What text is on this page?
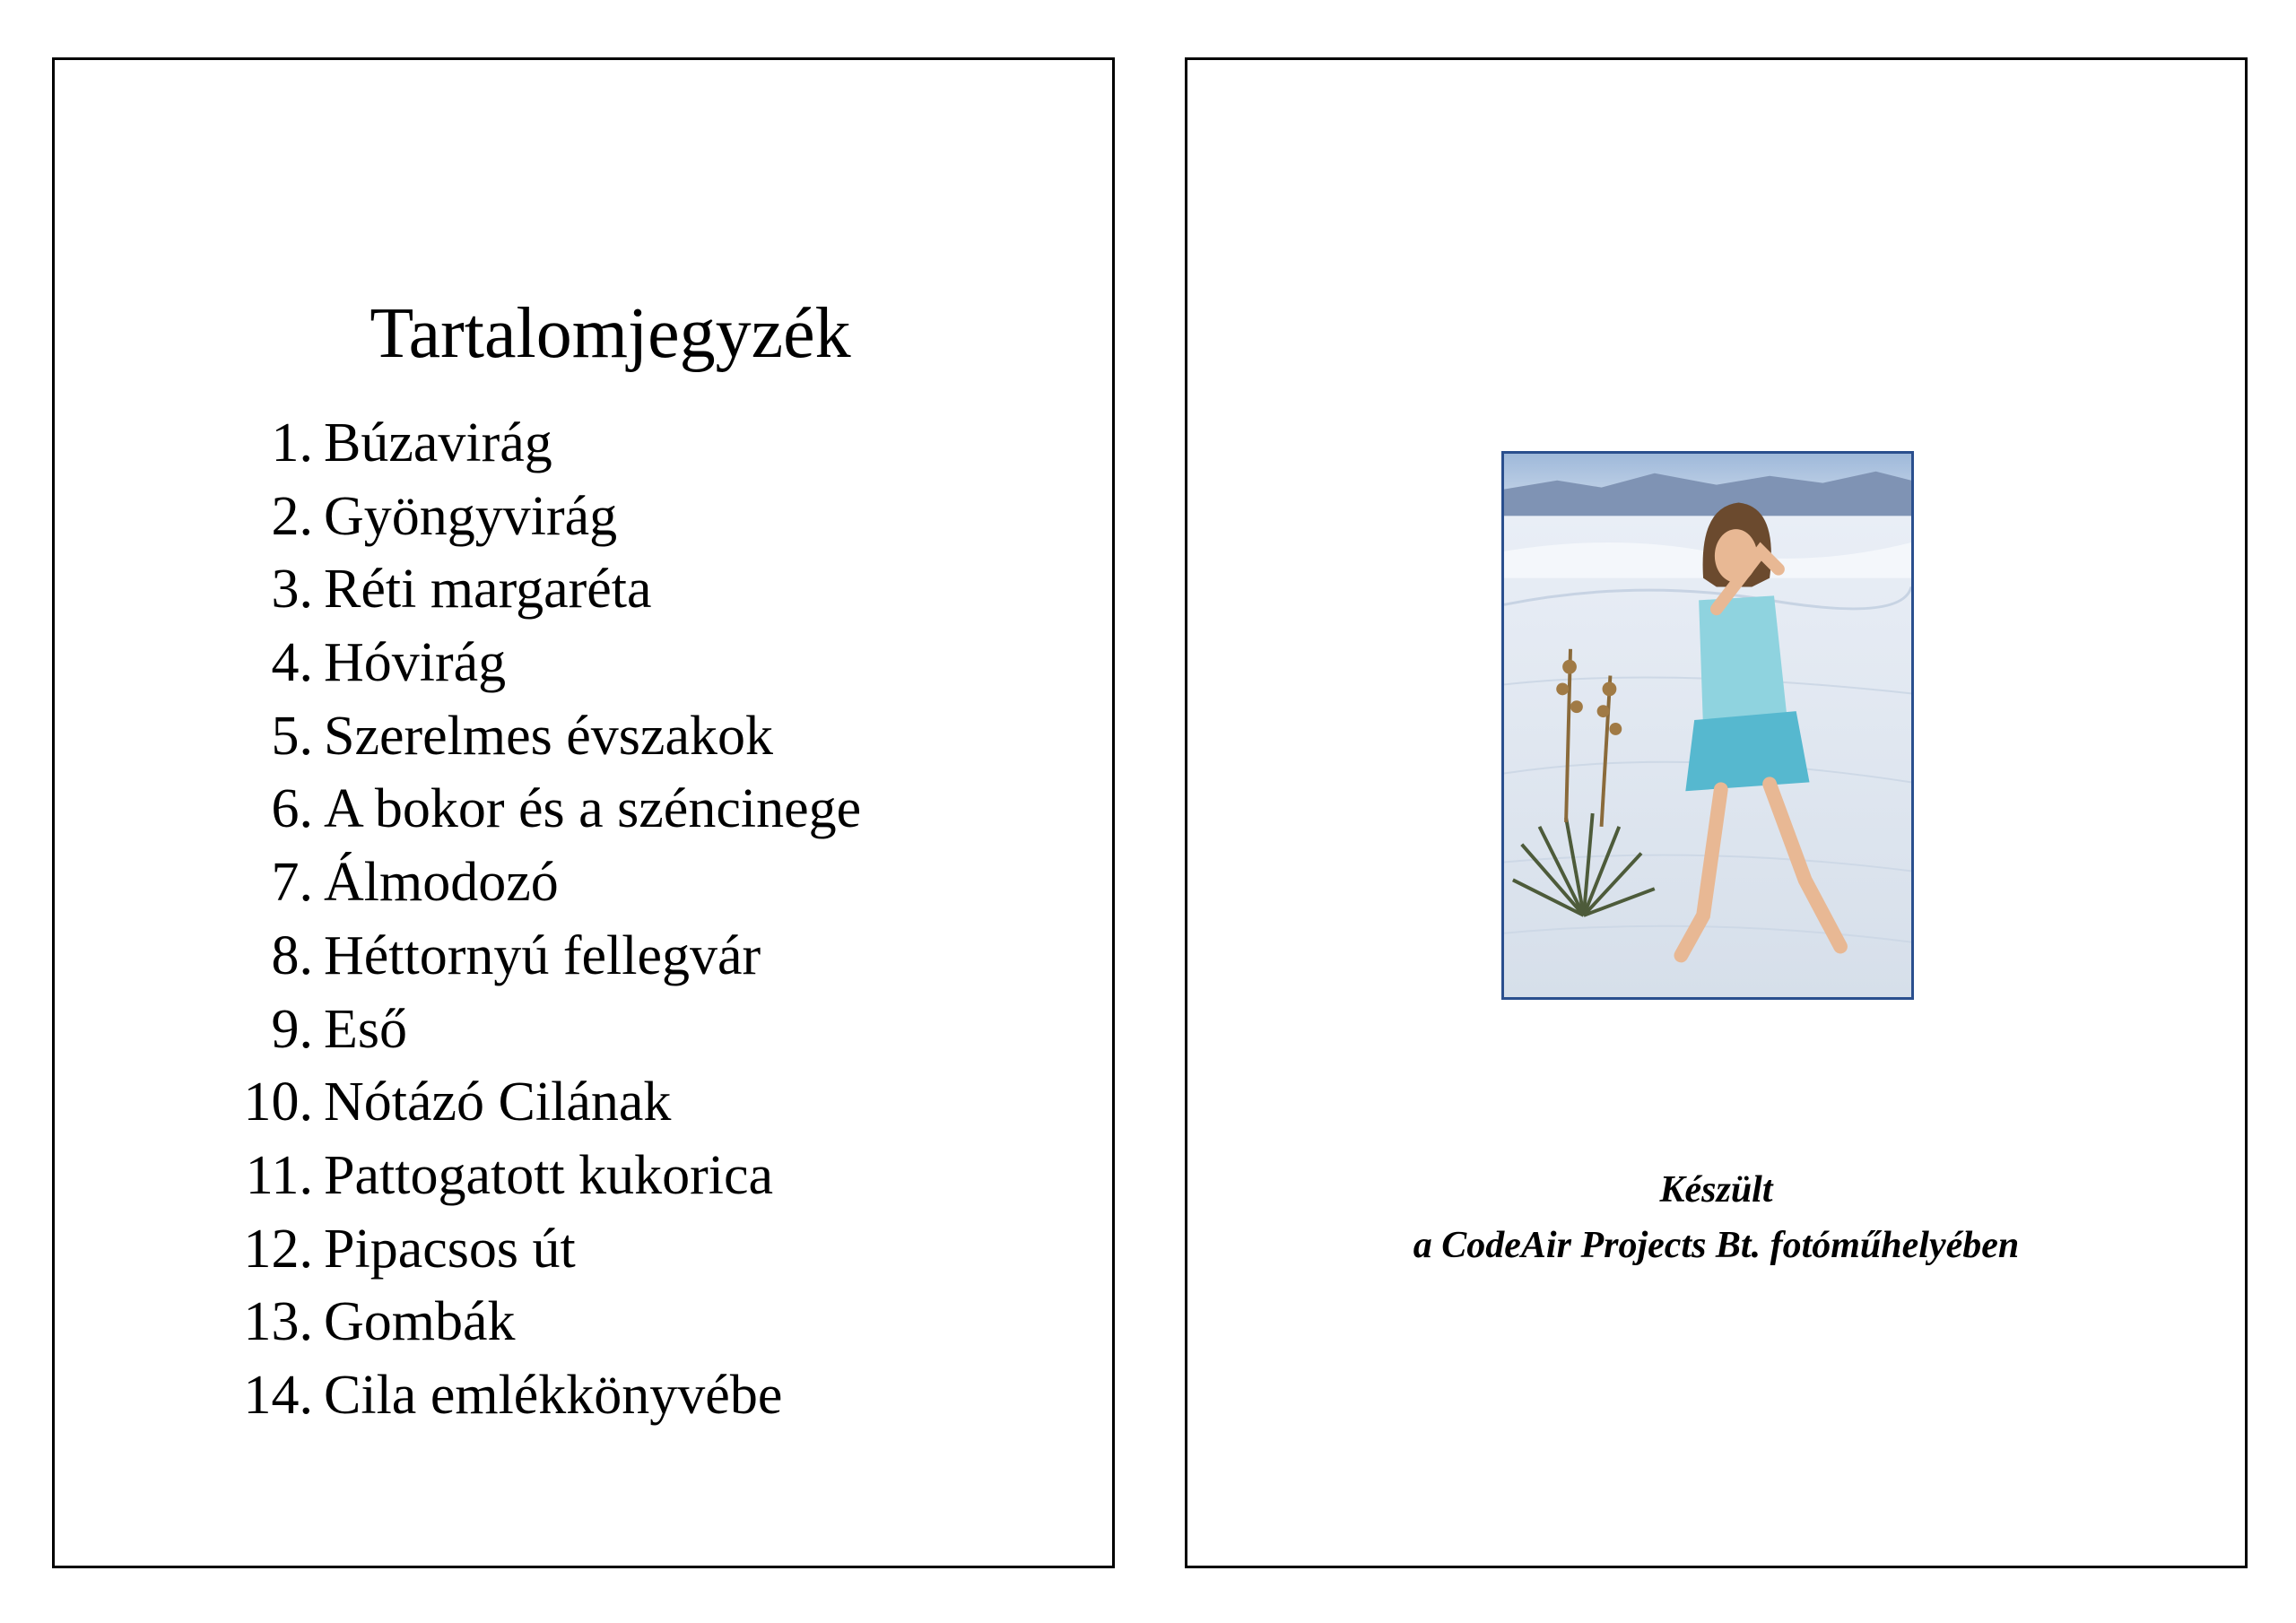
Tartalomjegyzék
1. Búzavirág
2. Gyöngyvirág
3. Réti margaréta
4. Hóvirág
5. Szerelmes évszakok
6. A bokor és a széncinege
7. Álmodozó
8. Héttornyú fellegvár
9. Eső
10. Nótázó Cilának
11. Pattogatott kukorica
12. Pipacsos út
13. Gombák
14. Cila emlékkönyvébe
Készült
a CodeAir Projects Bt. fotóműhelyében
